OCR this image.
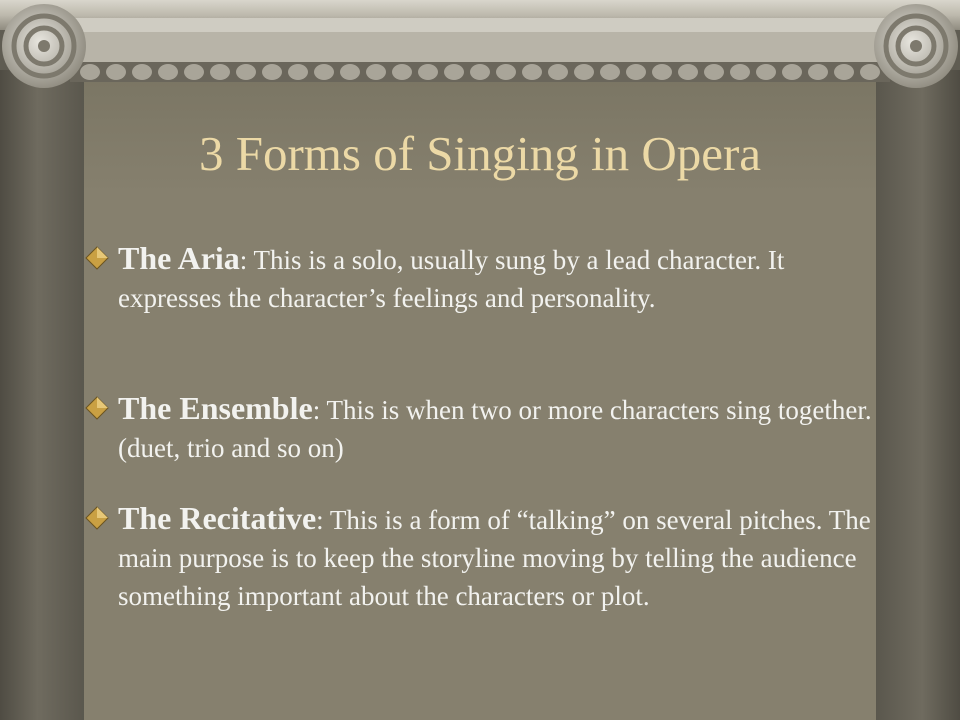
3 Forms of Singing in Opera
The Aria: This is a solo, usually sung by a lead character. It expresses the character’s feelings and personality.
The Ensemble: This is when two or more characters sing together. (duet, trio and so on)
The Recitative: This is a form of “talking” on several pitches. The main purpose is to keep the storyline moving by telling the audience something important about the characters or plot.
